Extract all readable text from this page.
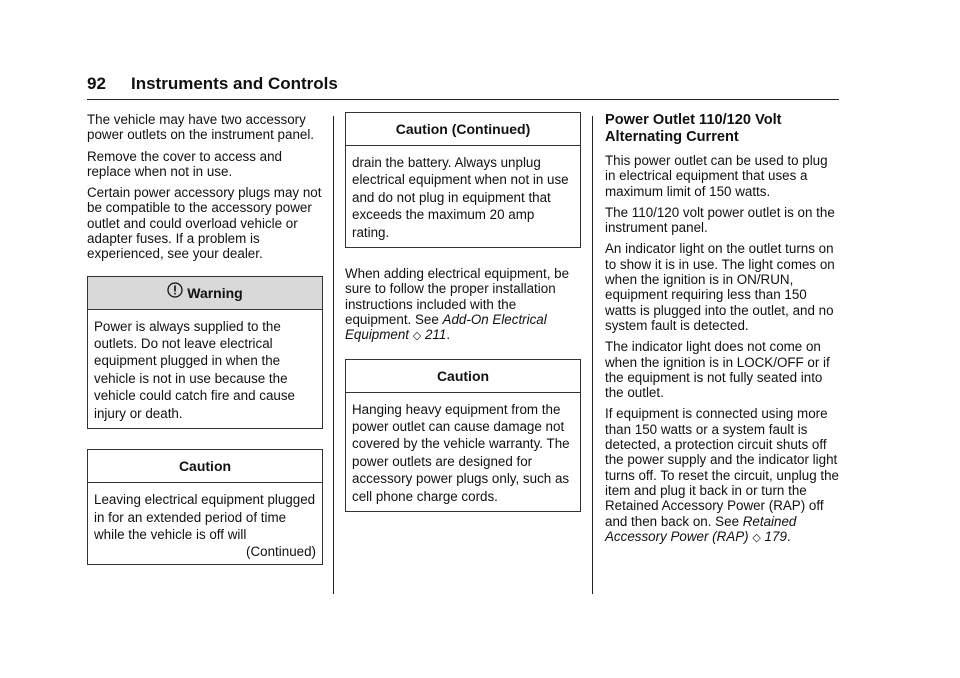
92 Instruments and Controls

The vehicle may have two accessory power outlets on the instrument panel.

Remove the cover to access and replace when not in use.

Certain power accessory plugs may not be compatible to the accessory power outlet and could overload vehicle or adapter fuses. If a problem is experienced, see your dealer.

Warning
Power is always supplied to the outlets. Do not leave electrical equipment plugged in when the vehicle is not in use because the vehicle could catch fire and cause injury or death.
Caution
Leaving electrical equipment plugged in for an extended period of time while the vehicle is off will
(Continued)
Caution (Continued)
drain the battery. Always unplug electrical equipment when not in use and do not plug in equipment that exceeds the maximum 20 amp rating.

When adding electrical equipment, be sure to follow the proper installation instructions included with the equipment. See Add-On Electrical Equipment ◇ 211.

Caution
Hanging heavy equipment from the power outlet can cause damage not covered by the vehicle warranty. The power outlets are designed for accessory power plugs only, such as cell phone charge cords.
Power Outlet 110/120 Volt Alternating Current

This power outlet can be used to plug in electrical equipment that uses a maximum limit of 150 watts.

The 110/120 volt power outlet is on the instrument panel.

An indicator light on the outlet turns on to show it is in use. The light comes on when the ignition is in ON/RUN, equipment requiring less than 150 watts is plugged into the outlet, and no system fault is detected.

The indicator light does not come on when the ignition is in LOCK/OFF or if the equipment is not fully seated into the outlet.

If equipment is connected using more than 150 watts or a system fault is detected, a protection circuit shuts off the power supply and the indicator light turns off. To reset the circuit, unplug the item and plug it back in or turn the Retained Accessory Power (RAP) off and then back on. See Retained Accessory Power (RAP) ◇ 179.
